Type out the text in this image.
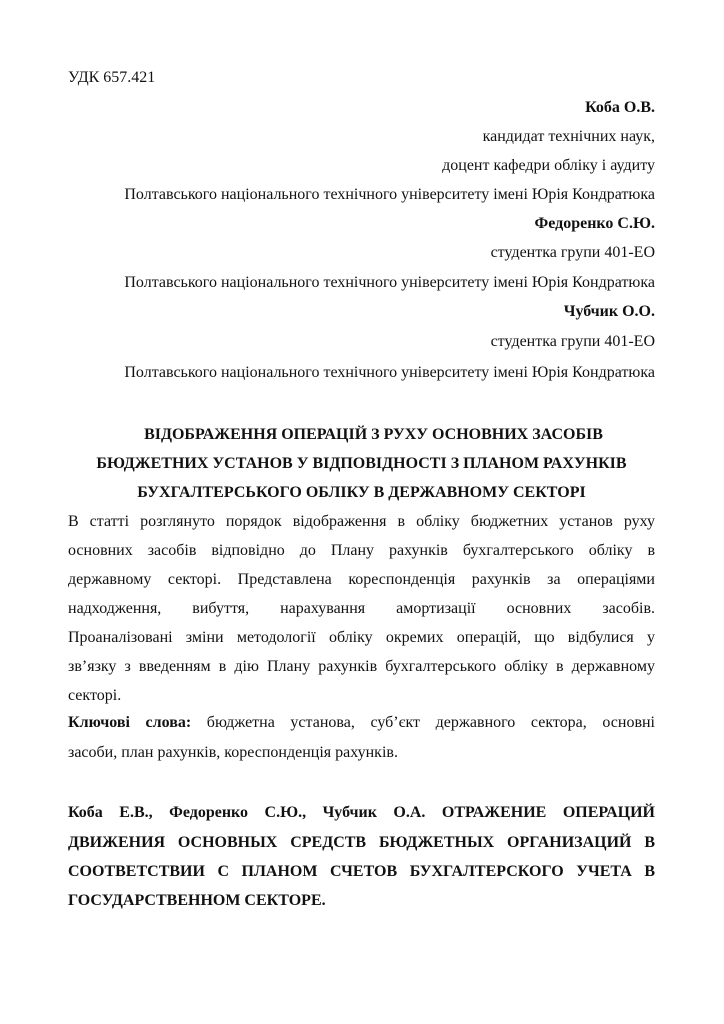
УДК 657.421
Коба О.В.
кандидат технічних наук,
доцент кафедри обліку і аудиту
Полтавського національного технічного університету імені Юрія Кондратюка
Федоренко С.Ю.
студентка групи 401-ЕО
Полтавського національного технічного університету імені Юрія Кондратюка
Чубчик О.О.
студентка групи 401-ЕО
Полтавського національного технічного університету імені Юрія Кондратюка
ВІДОБРАЖЕННЯ ОПЕРАЦІЙ З РУХУ ОСНОВНИХ ЗАСОБІВ
БЮДЖЕТНИХ УСТАНОВ У ВІДПОВІДНОСТІ З ПЛАНОМ РАХУНКІВ
БУХГАЛТЕРСЬКОГО ОБЛІКУ В ДЕРЖАВНОМУ СЕКТОРІ
В статті розглянуто порядок відображення в обліку бюджетних установ руху
основних засобів відповідно до Плану рахунків бухгалтерського обліку в
державному секторі. Представлена кореспонденція рахунків за операціями
надходження, вибуття, нарахування амортизації основних засобів.
Проаналізовані зміни методології обліку окремих операцій, що відбулися у
зв’язку з введенням в дію Плану рахунків бухгалтерського обліку в державному
секторі.
Ключові слова: бюджетна установа, суб’єкт державного сектора, основні
засоби, план рахунків, кореспонденція рахунків.
Коба Е.В., Федоренко С.Ю., Чубчик О.А. ОТРАЖЕНИЕ ОПЕРАЦИЙ
ДВИЖЕНИЯ ОСНОВНЫХ СРЕДСТВ БЮДЖЕТНЫХ ОРГАНИЗАЦИЙ В
СООТВЕТСТВИИ С ПЛАНОМ СЧЕТОВ БУХГАЛТЕРСКОГО УЧЕТА В
ГОСУДАРСТВЕННОМ СЕКТОРЕ.
